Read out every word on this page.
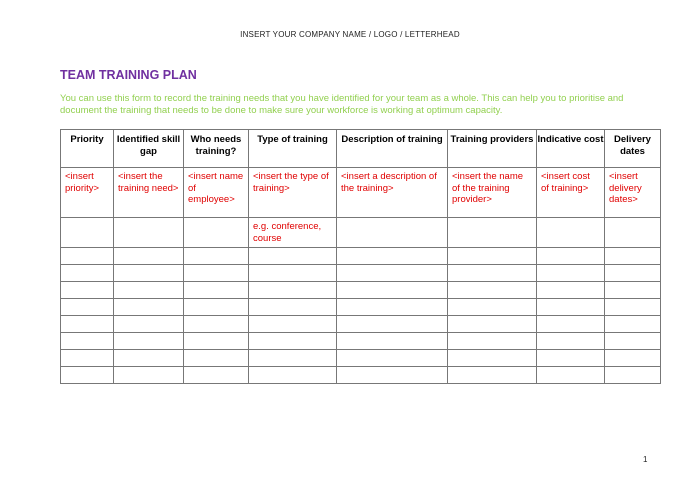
INSERT YOUR COMPANY NAME / LOGO / LETTERHEAD
TEAM TRAINING PLAN
You can use this form to record the training needs that you have identified for your team as a whole. This can help you to prioritise and document the training that needs to be done to make sure your workforce is working at optimum capacity.
Priority	Identified skill gap	Who needs training?	Type of training	Description of training	Training providers	Indicative cost	Delivery dates
<insert priority>	<insert the training need>	<insert name of employee>	<insert the type of training>	<insert a description of the training>	<insert the name of the training provider>	<insert cost of training>	<insert delivery dates>
			e.g. conference, course				

1
